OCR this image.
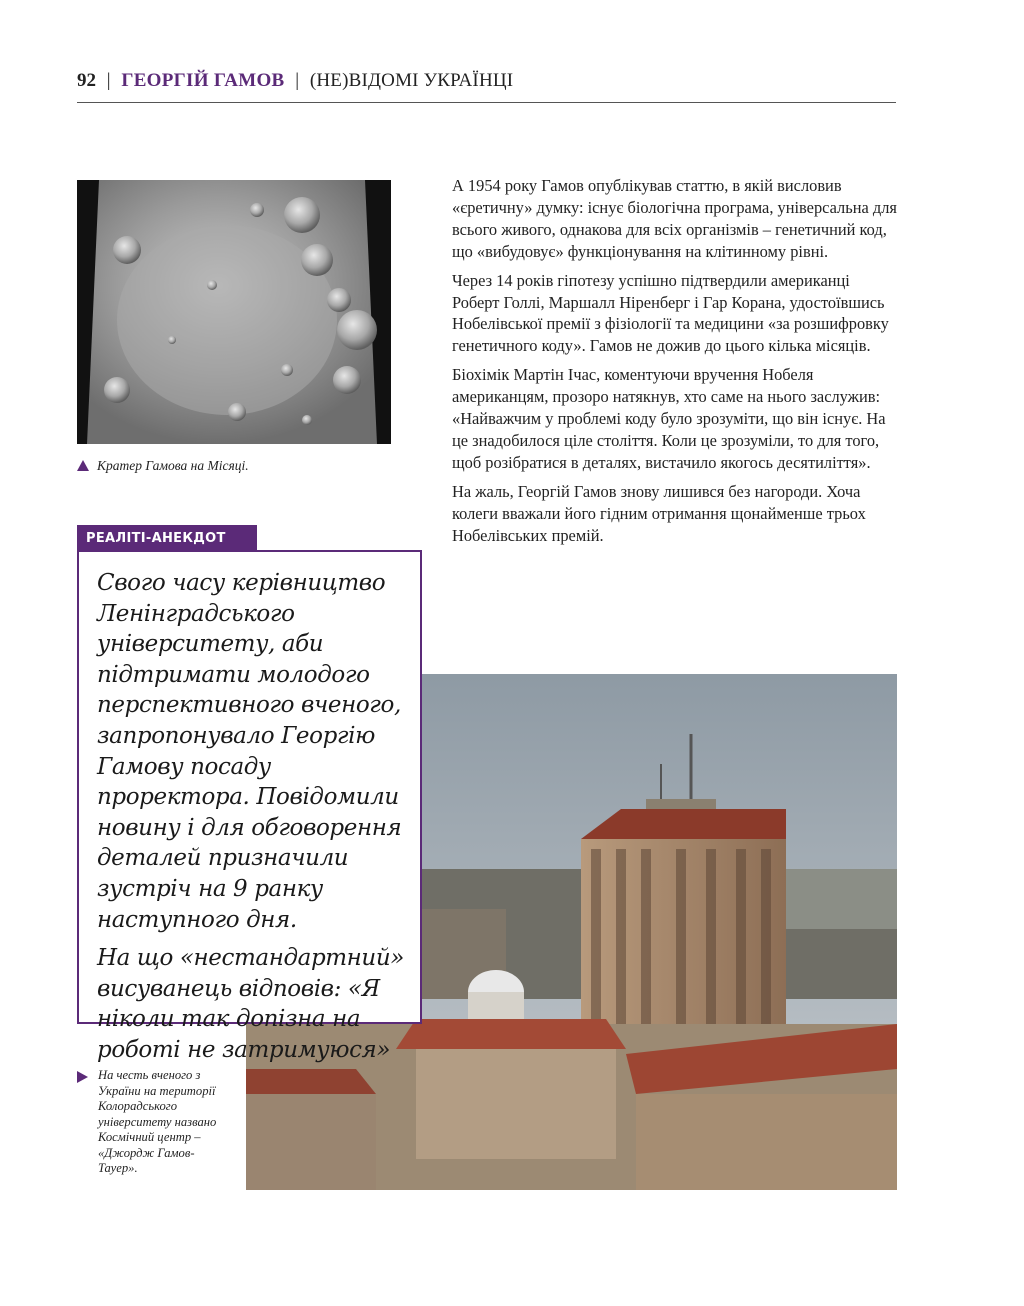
92 | ГЕОРГІЙ ГАМОВ | (НЕ)ВІДОМІ УКРАЇНЦІ
Кратер Гамова на Місяці.

А 1954 року Гамов опублікував статтю, в якій висловив «єретичну» думку: існує біологічна програма, універсальна для всього живого, однакова для всіх організмів – генетичний код, що «вибудовує» функціонування на клітинному рівні.

Через 14 років гіпотезу успішно підтвердили американці Роберт Голлі, Маршалл Ніренберг і Гар Корана, удостоївшись Нобелівської премії з фізіології та медицини «за розшифровку генетичного коду». Гамов не дожив до цього кілька місяців.

Біохімік Мартін Ічас, коментуючи вручення Нобеля американцям, прозоро натякнув, хто саме на нього заслужив: «Найважчим у проблемі коду було зрозуміти, що він існує. На це знадобилося ціле століття. Коли це зрозуміли, то для того, щоб розібратися в деталях, вистачило якогось десятиліття».

На жаль, Георгій Гамов знову лишився без нагороди. Хоча колеги вважали його гідним отримання щонайменше трьох Нобелівських премій.

РЕАЛІТІ-АНЕКДОТ

Свого часу керівництво Ленінградського університету, аби підтримати молодого перспективного вченого, запропонувало Георгію Гамову посаду проректора. Повідомили новину і для обговорення деталей призначили зустріч на 9 ранку наступного дня.

На що «нестандартний» висуванець відповів: «Я ніколи так допізна на роботі не затримуюся»

На честь вченого з України на території Колорадського університету названо Космічний центр – «Джордж Гамов-Тауер».
